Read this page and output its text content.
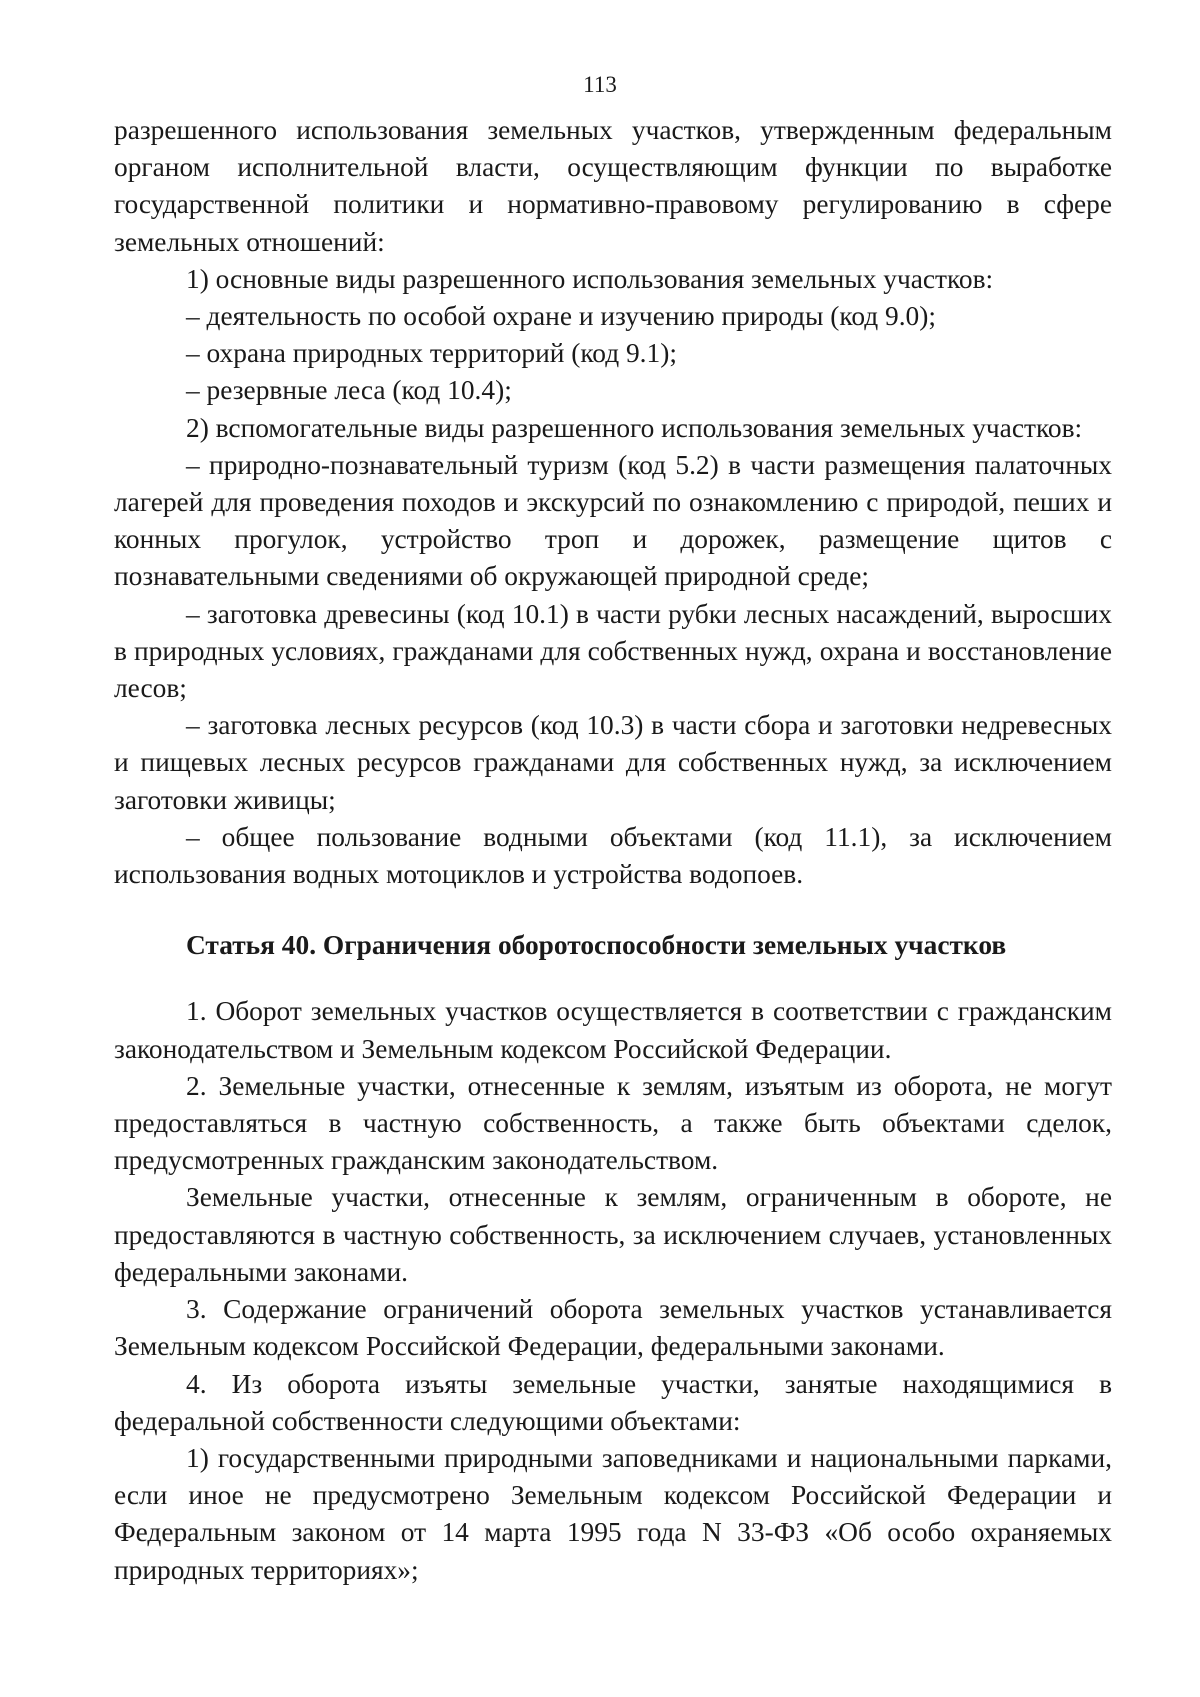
113

разрешенного использования земельных участков, утвержденным федеральным органом исполнительной власти, осуществляющим функции по выработке государственной политики и нормативно-правовому регулированию в сфере земельных отношений:

1) основные виды разрешенного использования земельных участков:

– деятельность по особой охране и изучению природы (код 9.0);

– охрана природных территорий (код 9.1);

– резервные леса (код 10.4);

2) вспомогательные виды разрешенного использования земельных участков:

– природно-познавательный туризм (код 5.2) в части размещения палаточных лагерей для проведения походов и экскурсий по ознакомлению с природой, пеших и конных прогулок, устройство троп и дорожек, размещение щитов с познавательными сведениями об окружающей природной среде;

– заготовка древесины (код 10.1) в части рубки лесных насаждений, выросших в природных условиях, гражданами для собственных нужд, охрана и восстановление лесов;

– заготовка лесных ресурсов (код 10.3) в части сбора и заготовки недревесных и пищевых лесных ресурсов гражданами для собственных нужд, за исключением заготовки живицы;

– общее пользование водными объектами (код 11.1), за исключением использования водных мотоциклов и устройства водопоев.

Статья 40. Ограничения оборотоспособности земельных участков

1. Оборот земельных участков осуществляется в соответствии с гражданским законодательством и Земельным кодексом Российской Федерации.

2. Земельные участки, отнесенные к землям, изъятым из оборота, не могут предоставляться в частную собственность, а также быть объектами сделок, предусмотренных гражданским законодательством.

Земельные участки, отнесенные к землям, ограниченным в обороте, не предоставляются в частную собственность, за исключением случаев, установленных федеральными законами.

3. Содержание ограничений оборота земельных участков устанавливается Земельным кодексом Российской Федерации, федеральными законами.

4. Из оборота изъяты земельные участки, занятые находящимися в федеральной собственности следующими объектами:

1) государственными природными заповедниками и национальными парками, если иное не предусмотрено Земельным кодексом Российской Федерации и Федеральным законом от 14 марта 1995 года N 33-ФЗ «Об особо охраняемых природных территориях»;
